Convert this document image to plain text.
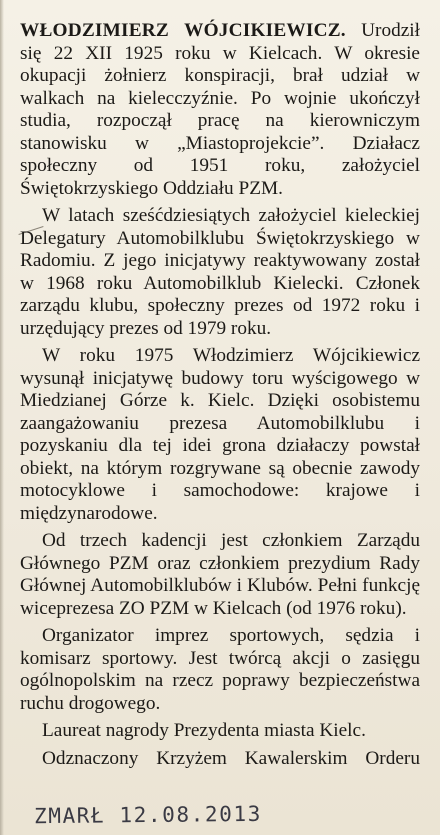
WŁODZIMIERZ WÓJCIKIEWICZ. Urodził się 22 XII 1925 roku w Kielcach. W okresie okupacji żołnierz konspiracji, brał udział w walkach na kielecczyźnie. Po wojnie ukończył studia, rozpoczął pracę na kierowniczym stanowisku w „Miastoprojekcie”. Działacz społeczny od 1951 roku, założyciel Świętokrzyskiego Oddziału PZM.

W latach sześćdziesiątych założyciel kieleckiej Delegatury Automobilklubu Świętokrzyskiego w Radomiu. Z jego inicjatywy reaktywowany został w 1968 roku Automobilklub Kielecki. Członek zarządu klubu, społeczny prezes od 1972 roku i urzędujący prezes od 1979 roku.

W roku 1975 Włodzimierz Wójcikiewicz wysunął inicjatywę budowy toru wyścigowego w Miedzianej Górze k. Kielc. Dzięki osobistemu zaangażowaniu prezesa Automobilklubu i pozyskaniu dla tej idei grona działaczy powstał obiekt, na którym rozgrywane są obecnie zawody motocyklowe i samochodowe: krajowe i międzynarodowe.

Od trzech kadencji jest członkiem Zarządu Głównego PZM oraz członkiem prezydium Rady Głównej Automobilklubów i Klubów. Pełni funkcję wiceprezesa ZO PZM w Kielcach (od 1976 roku).

Organizator imprez sportowych, sędzia i komisarz sportowy. Jest twórcą akcji o zasięgu ogólnopolskim na rzecz poprawy bezpieczeństwa ruchu drogowego.

Laureat nagrody Prezydenta miasta Kielc.

Odznaczony Krzyżem Kawalerskim Orderu

ZMARŁ 12.08.2013
